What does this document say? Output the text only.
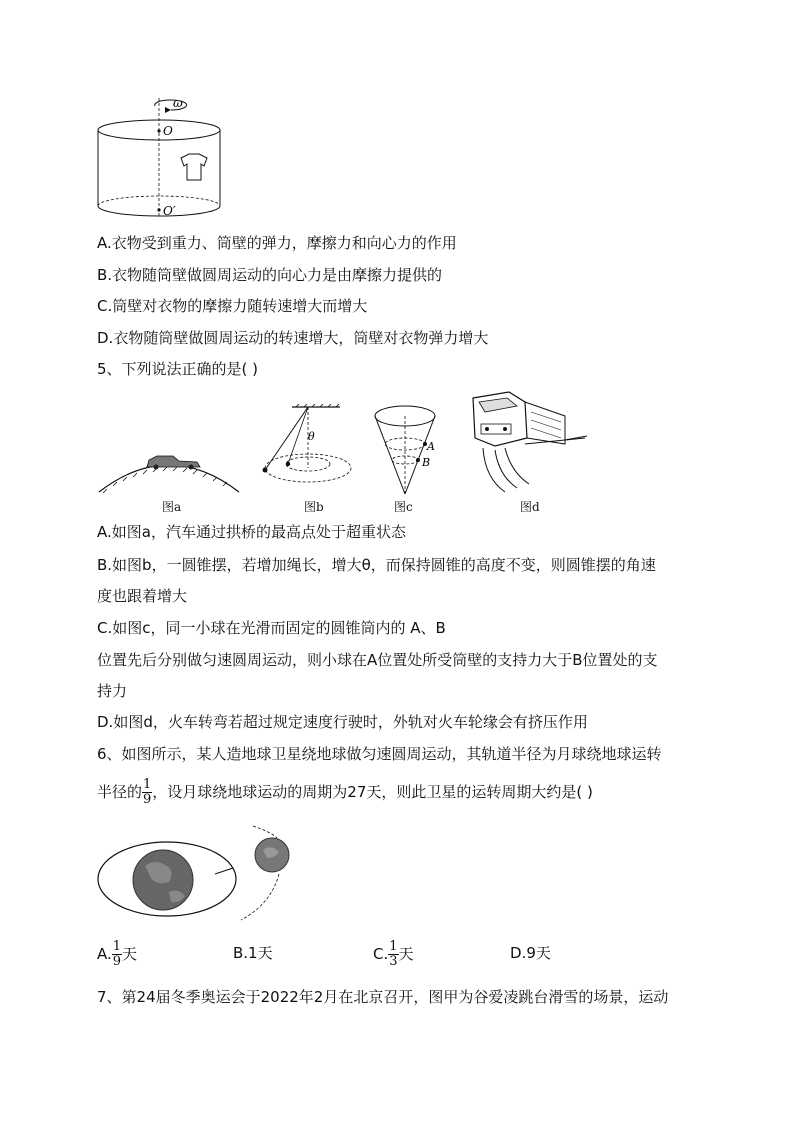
ω
O
O′
A.衣物受到重力、筒壁的弹力，摩擦力和向心力的作用
B.衣物随筒壁做圆周运动的向心力是由摩擦力提供的
C.筒壁对衣物的摩擦力随转速增大而增大
D.衣物随筒壁做圆周运动的转速增大，筒壁对衣物弹力增大
5、下列说法正确的是( )
图a
θ
图b
A
B
图c	图d
A.如图a，汽车通过拱桥的最高点处于超重状态
B.如图b，一圆锥摆，若增加绳长，增大θ，而保持圆锥的高度不变，则圆锥摆的角速
度也跟着增大
C.如图c，同一小球在光滑而固定的圆锥筒内的 A、B
位置先后分别做匀速圆周运动，则小球在A位置处所受筒壁的支持力大于B位置处的支
持力
D.如图d，火车转弯若超过规定速度行驶时，外轨对火车轮缘会有挤压作用
6、如图所示，某人造地球卫星绕地球做匀速圆周运动，其轨道半径为月球绕地球运转
半径的 $\frac{1}{9}$ ，设月球绕地球运动的周期为27天，则此卫星的运转周期大约是( )
A. $\frac{1}{9}$ 天	B.1天	C. $\frac{1}{3}$ 天	D.9天
7、第24届冬季奥运会于2022年2月在北京召开，图甲为谷爱凌跳台滑雪的场景，运动
